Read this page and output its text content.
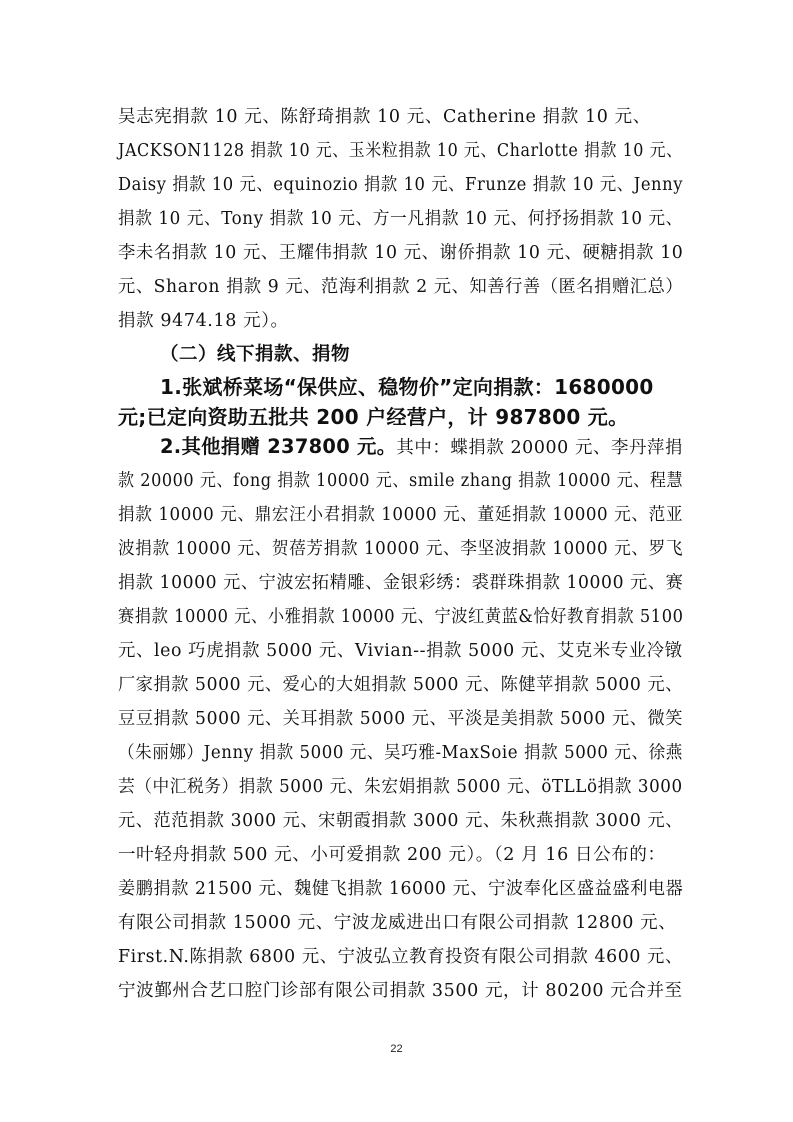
吴志宪捐款 10 元、陈舒琦捐款 10 元、Catherine 捐款 10 元、
JACKSON1128 捐款 10 元、玉米粒捐款 10 元、Charlotte 捐款 10 元、
Daisy 捐款 10 元、equinozio 捐款 10 元、Frunze 捐款 10 元、Jenny
捐款 10 元、Tony 捐款 10 元、方一凡捐款 10 元、何抒扬捐款 10 元、
李未名捐款 10 元、王耀伟捐款 10 元、谢侨捐款 10 元、硬糖捐款 10
元、Sharon 捐款 9 元、范海利捐款 2 元、知善行善（匿名捐赠汇总）
捐款 9474.18 元）。
（二）线下捐款、捐物
1.张斌桥菜场“保供应、稳物价”定向捐款：1680000
元;已定向资助五批共 200 户经营户，计 987800 元。
2.其他捐赠 237800 元。其中：蝶捐款 20000 元、李丹萍捐
款 20000 元、fong 捐款 10000 元、smile zhang 捐款 10000 元、程慧
捐款 10000 元、鼎宏汪小君捐款 10000 元、董延捐款 10000 元、范亚
波捐款 10000 元、贺蓓芳捐款 10000 元、李坚波捐款 10000 元、罗飞
捐款 10000 元、宁波宏拓精雕、金银彩绣：裘群珠捐款 10000 元、赛
赛捐款 10000 元、小雅捐款 10000 元、宁波红黄蓝&恰好教育捐款 5100
元、leo 巧虎捐款 5000 元、Vivian--捐款 5000 元、艾克米专业冷镦
厂家捐款 5000 元、爱心的大姐捐款 5000 元、陈健苹捐款 5000 元、
豆豆捐款 5000 元、关耳捐款 5000 元、平淡是美捐款 5000 元、微笑
（朱丽娜）Jenny 捐款 5000 元、吴巧雅-MaxSoie 捐款 5000 元、徐燕
芸（中汇税务）捐款 5000 元、朱宏娟捐款 5000 元、öTLLö捐款 3000
元、范范捐款 3000 元、宋朝霞捐款 3000 元、朱秋燕捐款 3000 元、
一叶轻舟捐款 500 元、小可爱捐款 200 元）。（2 月 16 日公布的：
姜鹏捐款 21500 元、魏健飞捐款 16000 元、宁波奉化区盛益盛利电器
有限公司捐款 15000 元、宁波龙威进出口有限公司捐款 12800 元、
First.N.陈捐款 6800 元、宁波弘立教育投资有限公司捐款 4600 元、
宁波鄞州合艺口腔门诊部有限公司捐款 3500 元，计 80200 元合并至
22
